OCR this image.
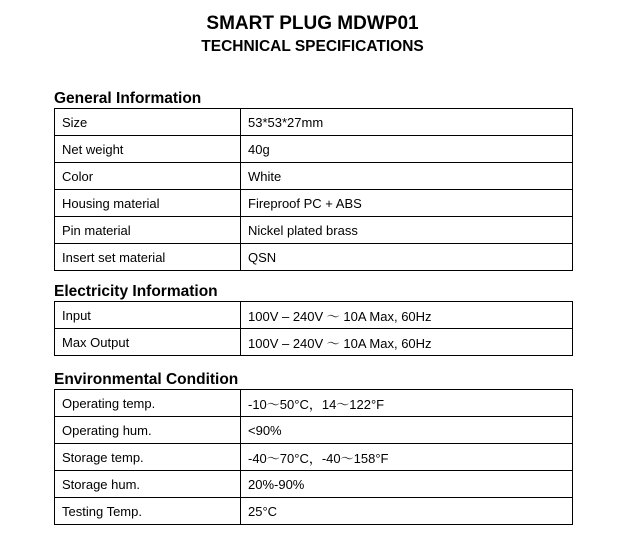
SMART PLUG MDWP01
TECHNICAL SPECIFICATIONS
General Information
Size	53*53*27mm
Net weight	40g
Color	White
Housing material	Fireproof PC + ABS
Pin material	Nickel plated brass
Insert set material	QSN
Electricity Information
Input	100V – 240V ～ 10A Max, 60Hz
Max Output	100V – 240V ～ 10A Max, 60Hz
Environmental Condition
Operating temp.	-10～50°C，14～122°F
Operating hum.	<90%
Storage temp.	-40～70°C，-40～158°F
Storage hum.	20%-90%
Testing Temp.	25°C
